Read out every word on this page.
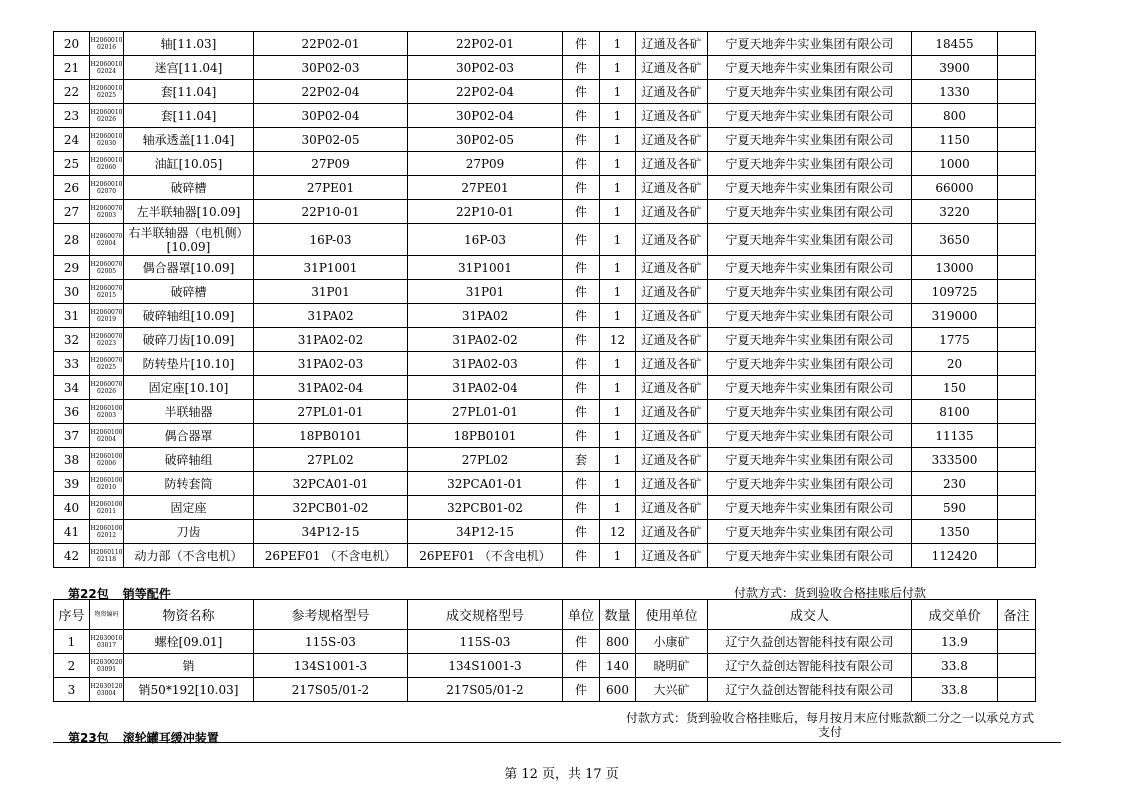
20	H206001002016	轴[11.03]	22P02-01	22P02-01	件	1	辽通及各矿	宁夏天地奔牛实业集团有限公司	18455	
21	H206001002024	迷宫[11.04]	30P02-03	30P02-03	件	1	辽通及各矿	宁夏天地奔牛实业集团有限公司	3900	
22	H206001002025	套[11.04]	22P02-04	22P02-04	件	1	辽通及各矿	宁夏天地奔牛实业集团有限公司	1330	
23	H206001002026	套[11.04]	30P02-04	30P02-04	件	1	辽通及各矿	宁夏天地奔牛实业集团有限公司	800	
24	H206001002030	轴承透盖[11.04]	30P02-05	30P02-05	件	1	辽通及各矿	宁夏天地奔牛实业集团有限公司	1150	
25	H206001002060	油缸[10.05]	27P09	27P09	件	1	辽通及各矿	宁夏天地奔牛实业集团有限公司	1000	
26	H206001002070	破碎槽	27PE01	27PE01	件	1	辽通及各矿	宁夏天地奔牛实业集团有限公司	66000	
27	H206007002003	左半联轴器[10.09]	22P10-01	22P10-01	件	1	辽通及各矿	宁夏天地奔牛实业集团有限公司	3220	
28	H206007002004	右半联轴器（电机侧）[10.09]	16P-03	16P-03	件	1	辽通及各矿	宁夏天地奔牛实业集团有限公司	3650	
29	H206007002005	偶合器罩[10.09]	31P1001	31P1001	件	1	辽通及各矿	宁夏天地奔牛实业集团有限公司	13000	
30	H206007002015	破碎槽	31P01	31P01	件	1	辽通及各矿	宁夏天地奔牛实业集团有限公司	109725	
31	H206007002019	破碎轴组[10.09]	31PA02	31PA02	件	1	辽通及各矿	宁夏天地奔牛实业集团有限公司	319000	
32	H206007002023	破碎刀齿[10.09]	31PA02-02	31PA02-02	件	12	辽通及各矿	宁夏天地奔牛实业集团有限公司	1775	
33	H206007002025	防转垫片[10.10]	31PA02-03	31PA02-03	件	1	辽通及各矿	宁夏天地奔牛实业集团有限公司	20	
34	H206007002026	固定座[10.10]	31PA02-04	31PA02-04	件	1	辽通及各矿	宁夏天地奔牛实业集团有限公司	150	
36	H206010002003	半联轴器	27PL01-01	27PL01-01	件	1	辽通及各矿	宁夏天地奔牛实业集团有限公司	8100	
37	H206010002004	偶合器罩	18PB0101	18PB0101	件	1	辽通及各矿	宁夏天地奔牛实业集团有限公司	11135	
38	H206010002006	破碎轴组	27PL02	27PL02	套	1	辽通及各矿	宁夏天地奔牛实业集团有限公司	333500	
39	H206010002010	防转套筒	32PCA01-01	32PCA01-01	件	1	辽通及各矿	宁夏天地奔牛实业集团有限公司	230	
40	H206010002011	固定座	32PCB01-02	32PCB01-02	件	1	辽通及各矿	宁夏天地奔牛实业集团有限公司	590	
41	H206010002012	刀齿	34P12-15	34P12-15	件	12	辽通及各矿	宁夏天地奔牛实业集团有限公司	1350	
42	H206011002118	动力部（不含电机）	26PEF01 （不含电机）	26PEF01 （不含电机）	件	1	辽通及各矿	宁夏天地奔牛实业集团有限公司	112420	
第22包 销等配件	付款方式：货到验收合格挂账后付款
序号	物资编码	物资名称	参考规格型号	成交规格型号	单位	数量	使用单位	成交人	成交单价	备注
1	H203001003017	螺栓[09.01]	115S-03	115S-03	件	800	小康矿	辽宁久益创达智能科技有限公司	13.9	
2	H203002003091	销	134S1001-3	134S1001-3	件	140	晓明矿	辽宁久益创达智能科技有限公司	33.8	
3	H203012003004	销50*192[10.03]	217S05/01-2	217S05/01-2	件	600	大兴矿	辽宁久益创达智能科技有限公司	33.8	
付款方式：货到验收合格挂账后，每月按月末应付账款额二分之一以承兑方式
支付
第23包 滚轮罐耳缓冲装置
第 12 页，共 17 页
